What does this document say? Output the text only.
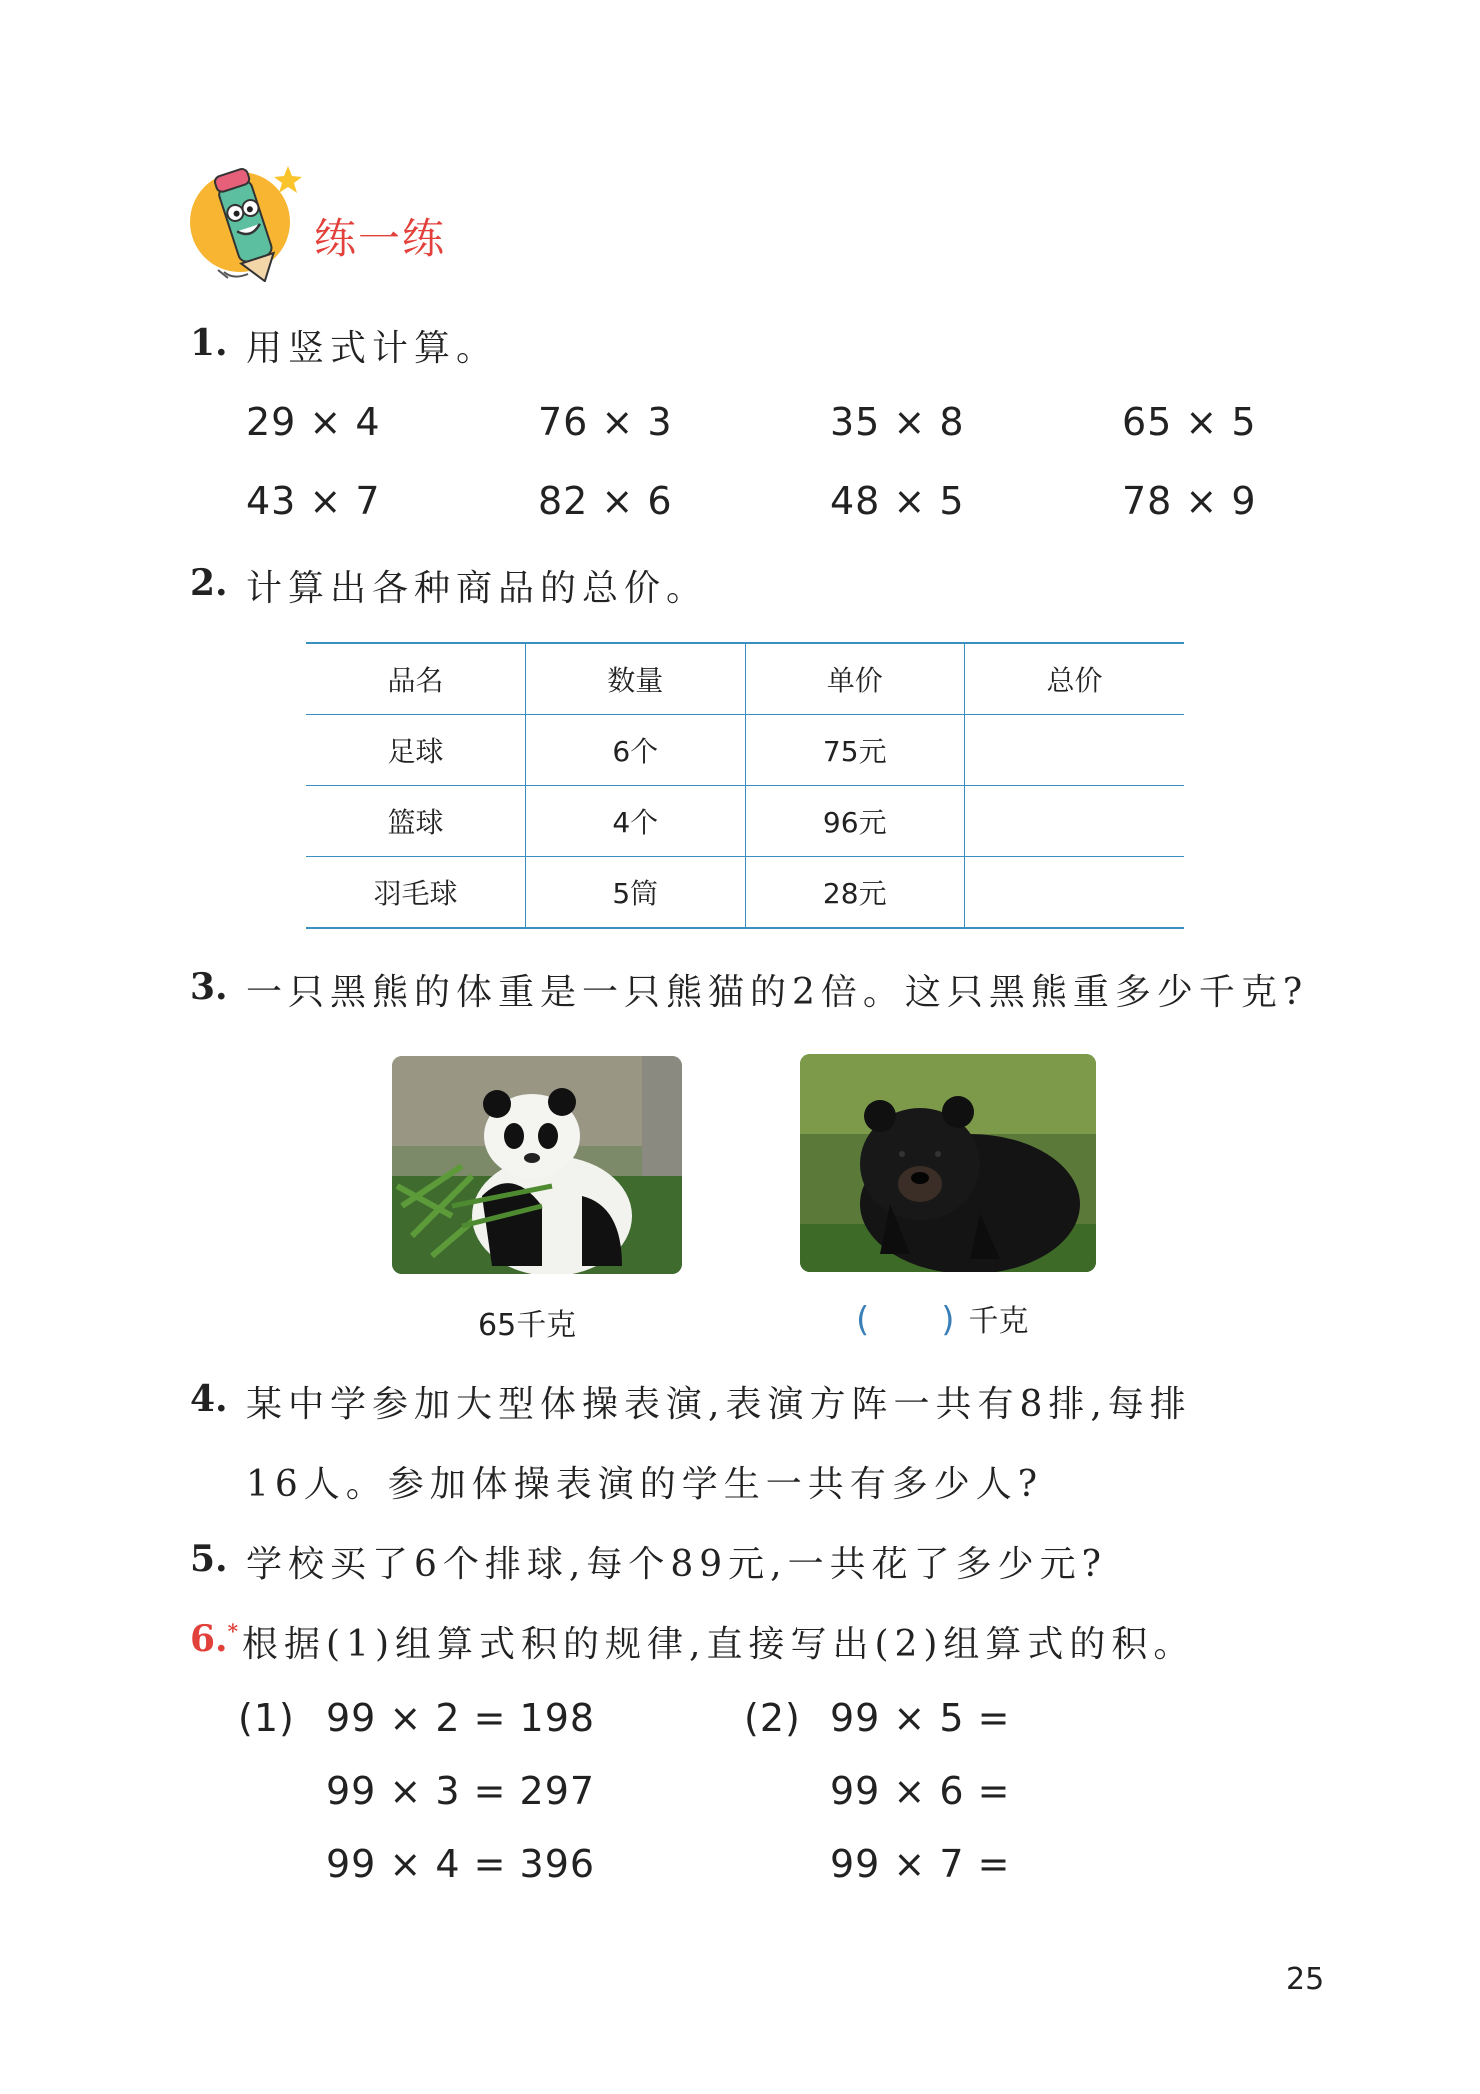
练一练
1. 用竖式计算。
29 × 4	76 × 3	35 × 8	65 × 5
43 × 7	82 × 6	48 × 5	78 × 9
2. 计算出各种商品的总价。
品名	数量	单价	总价
足球	6个	75元	
篮球	4个	96元	
羽毛球	5筒	28元	
3. 一只黑熊的体重是一只熊猫的2倍。这只黑熊重多少千克?
65千克	( ) 千克
4. 某中学参加大型体操表演,表演方阵一共有8排,每排
16人。参加体操表演的学生一共有多少人?
5. 学校买了6个排球,每个89元,一共花了多少元?
6.* 根据(1)组算式积的规律,直接写出(2)组算式的积。
(1) 99 × 2 = 198
99 × 3 = 297
99 × 4 = 396
(2) 99 × 5 =
99 × 6 =
99 × 7 =
25
